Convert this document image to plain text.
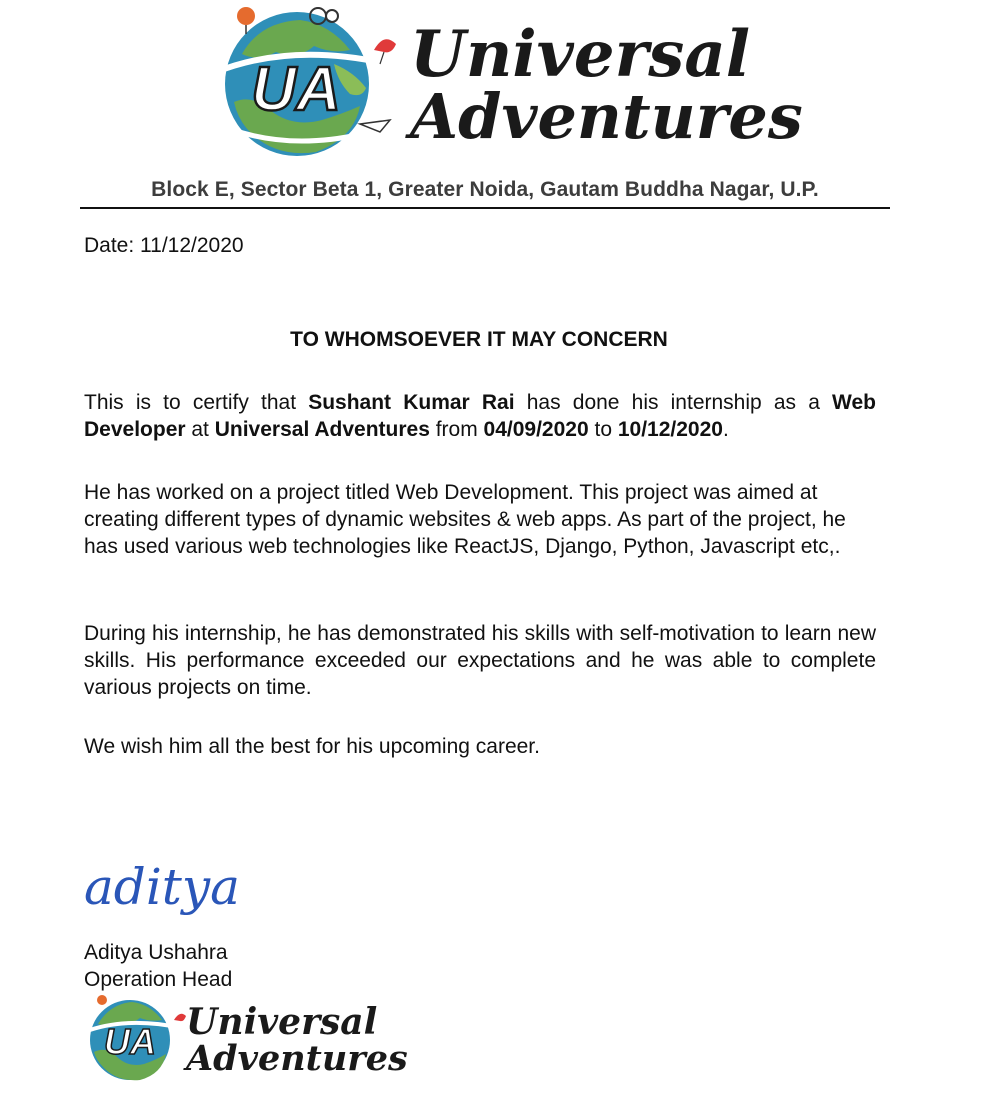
UA Universal
Adventures
Block E, Sector Beta 1, Greater Noida, Gautam Buddha Nagar, U.P.
Date: 11/12/2020
TO WHOMSOEVER IT MAY CONCERN

This is to certify that Sushant Kumar Rai has done his internship as a Web Developer at Universal Adventures from 04/09/2020 to 10/12/2020.

He has worked on a project titled Web Development. This project was aimed at creating different types of dynamic websites & web apps. As part of the project, he has used various web technologies like ReactJS, Django, Python, Javascript etc,.

During his internship, he has demonstrated his skills with self-motivation to learn new skills. His performance exceeded our expectations and he was able to complete various projects on time.

We wish him all the best for his upcoming career.

aditya
Aditya Ushahra
Operation Head
UA Universal
Adventures
